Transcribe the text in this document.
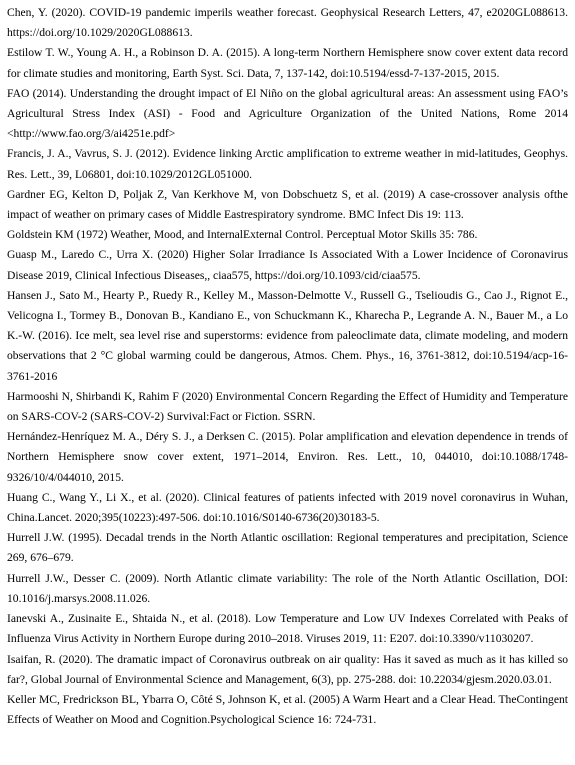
Chen, Y. (2020). COVID-19 pandemic imperils weather forecast. Geophysical Research Letters, 47, e2020GL088613. https://doi.org/10.1029/2020GL088613.

Estilow T. W., Young A. H., a Robinson D. A. (2015). A long-term Northern Hemisphere snow cover extent data record for climate studies and monitoring, Earth Syst. Sci. Data, 7, 137-142, doi:10.5194/essd-7-137-2015, 2015.

FAO (2014). Understanding the drought impact of El Niño on the global agricultural areas: An assessment using FAO’s Agricultural Stress Index (ASI) - Food and Agriculture Organization of the United Nations, Rome 2014 <http://www.fao.org/3/ai4251e.pdf>

Francis, J. A., Vavrus, S. J. (2012). Evidence linking Arctic amplification to extreme weather in mid-latitudes, Geophys. Res. Lett., 39, L06801, doi:10.1029/2012GL051000.

Gardner EG, Kelton D, Poljak Z, Van Kerkhove M, von Dobschuetz S, et al. (2019) A case-crossover analysis ofthe impact of weather on primary cases of Middle Eastrespiratory syndrome. BMC Infect Dis 19: 113.

Goldstein KM (1972) Weather, Mood, and InternalExternal Control. Perceptual Motor Skills 35: 786.

Guasp M., Laredo C., Urra X. (2020) Higher Solar Irradiance Is Associated With a Lower Incidence of Coronavirus Disease 2019, Clinical Infectious Diseases,, ciaa575, https://doi.org/10.1093/cid/ciaa575.

Hansen J., Sato M., Hearty P., Ruedy R., Kelley M., Masson-Delmotte V., Russell G., Tselioudis G., Cao J., Rignot E., Velicogna I., Tormey B., Donovan B., Kandiano E., von Schuckmann K., Kharecha P., Legrande A. N., Bauer M., a Lo K.-W. (2016). Ice melt, sea level rise and superstorms: evidence from paleoclimate data, climate modeling, and modern observations that 2 °C global warming could be dangerous, Atmos. Chem. Phys., 16, 3761-3812, doi:10.5194/acp-16-3761-2016

Harmooshi N, Shirbandi K, Rahim F (2020) Environmental Concern Regarding the Effect of Humidity and Temperature on SARS-COV-2 (SARS-COV-2) Survival:Fact or Fiction. SSRN.

Hernández-Henríquez M. A., Déry S. J., a Derksen C. (2015). Polar amplification and elevation dependence in trends of Northern Hemisphere snow cover extent, 1971–2014, Environ. Res. Lett., 10, 044010, doi:10.1088/1748-9326/10/4/044010, 2015.

Huang C., Wang Y., Li X., et al. (2020). Clinical features of patients infected with 2019 novel coronavirus in Wuhan, China.Lancet. 2020;395(10223):497-506. doi:10.1016/S0140-6736(20)30183-5.

Hurrell J.W. (1995). Decadal trends in the North Atlantic oscillation: Regional temperatures and precipitation, Science 269, 676–679.

Hurrell J.W., Desser C. (2009). North Atlantic climate variability: The role of the North Atlantic Oscillation, DOI: 10.1016/j.marsys.2008.11.026.

Ianevski A., Zusinaite E., Shtaida N., et al. (2018). Low Temperature and Low UV Indexes Correlated with Peaks of Influenza Virus Activity in Northern Europe during 2010–2018. Viruses 2019, 11: E207. doi:10.3390/v11030207.

Isaifan, R. (2020). The dramatic impact of Coronavirus outbreak on air quality: Has it saved as much as it has killed so far?, Global Journal of Environmental Science and Management, 6(3), pp. 275-288. doi: 10.22034/gjesm.2020.03.01.

Keller MC, Fredrickson BL, Ybarra O, Côté S, Johnson K, et al. (2005) A Warm Heart and a Clear Head. TheContingent Effects of Weather on Mood and Cognition.Psychological Science 16: 724-731.
